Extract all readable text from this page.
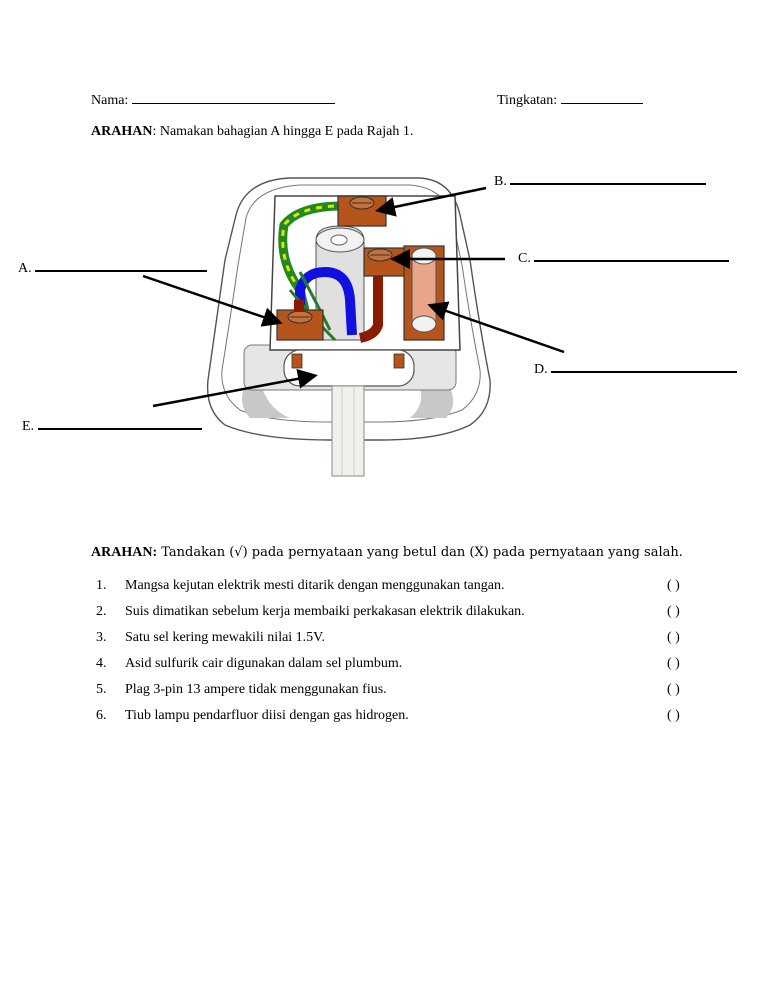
Nama:	Tingkatan:
ARAHAN: Namakan bahagian A hingga E pada Rajah 1.
A.
B.
C.
D.
E.
ARAHAN: Tandakan (√) pada pernyataan yang betul dan (X) pada pernyataan yang salah.
1. Mangsa kejutan elektrik mesti ditarik dengan menggunakan tangan.	( )
2. Suis dimatikan sebelum kerja membaiki perkakasan elektrik dilakukan.	( )
3. Satu sel kering mewakili nilai 1.5V.	( )
4. Asid sulfurik cair digunakan dalam sel plumbum.	( )
5. Plag 3-pin 13 ampere tidak menggunakan fius.	( )
6. Tiub lampu pendarfluor diisi dengan gas hidrogen.	( )
